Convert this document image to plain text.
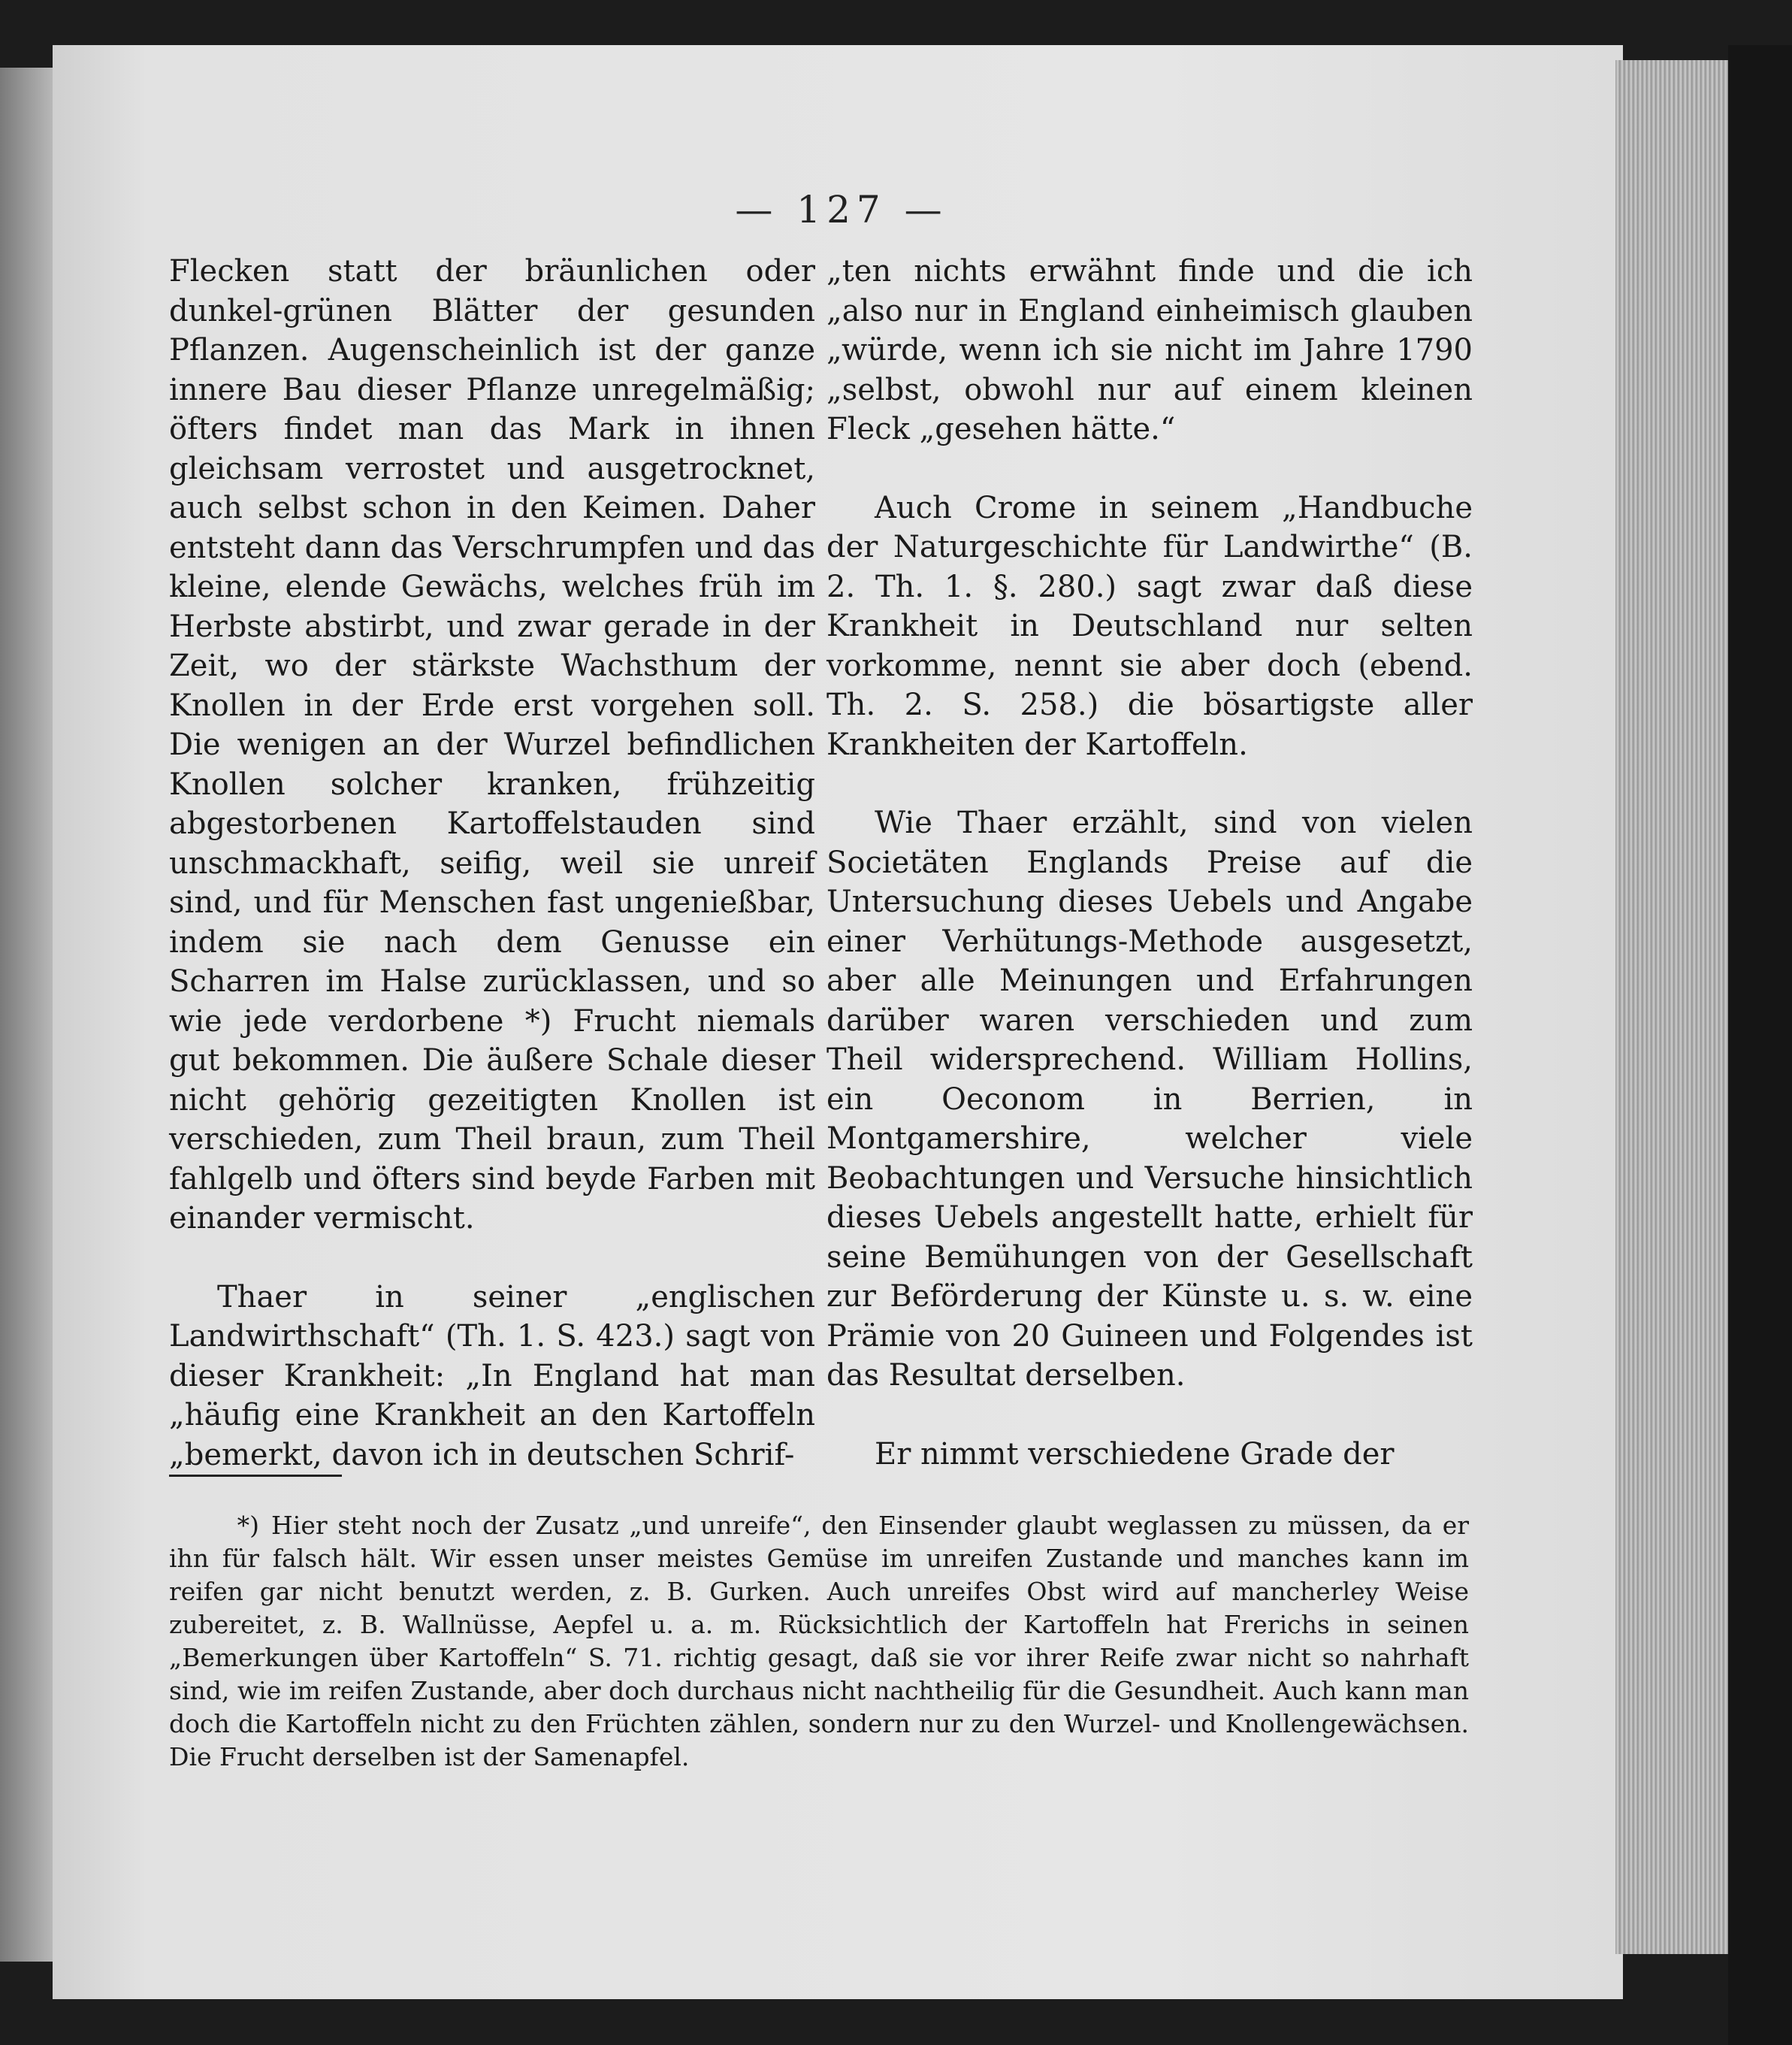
— 127 —

Flecken statt der bräunlichen oder dunkel-grünen Blätter der gesunden Pflanzen. Augenscheinlich ist der ganze innere Bau dieser Pflanze unregelmäßig; öfters findet man das Mark in ihnen gleichsam verrostet und ausgetrocknet, auch selbst schon in den Keimen. Daher entsteht dann das Verschrumpfen und das kleine, elende Gewächs, welches früh im Herbste abstirbt, und zwar gerade in der Zeit, wo der stärkste Wachsthum der Knollen in der Erde erst vorgehen soll. Die wenigen an der Wurzel befindlichen Knollen solcher kranken, frühzeitig abgestorbenen Kartoffelstauden sind unschmackhaft, seifig, weil sie unreif sind, und für Menschen fast ungenießbar, indem sie nach dem Genusse ein Scharren im Halse zurücklassen, und so wie jede verdorbene *) Frucht niemals gut bekommen. Die äußere Schale dieser nicht gehörig gezeitigten Knollen ist verschieden, zum Theil braun, zum Theil fahlgelb und öfters sind beyde Farben mit einander vermischt.

Thaer in seiner „englischen Landwirthschaft“ (Th. 1. S. 423.) sagt von dieser Krankheit: „In England hat man „häufig eine Krankheit an den Kartoffeln „bemerkt, davon ich in deutschen Schrif-

„ten nichts erwähnt finde und die ich „also nur in England einheimisch glauben „würde, wenn ich sie nicht im Jahre 1790 „selbst, obwohl nur auf einem kleinen Fleck „gesehen hätte.“

Auch Crome in seinem „Handbuche der Naturgeschichte für Landwirthe“ (B. 2. Th. 1. §. 280.) sagt zwar daß diese Krankheit in Deutschland nur selten vorkomme, nennt sie aber doch (ebend. Th. 2. S. 258.) die bösartigste aller Krankheiten der Kartoffeln.

Wie Thaer erzählt, sind von vielen Societäten Englands Preise auf die Untersuchung dieses Uebels und Angabe einer Verhütungs-Methode ausgesetzt, aber alle Meinungen und Erfahrungen darüber waren verschieden und zum Theil widersprechend. William Hollins, ein Oeconom in Berrien, in Montgamershire, welcher viele Beobachtungen und Versuche hinsichtlich dieses Uebels angestellt hatte, erhielt für seine Bemühungen von der Gesellschaft zur Beförderung der Künste u. s. w. eine Prämie von 20 Guineen und Folgendes ist das Resultat derselben.

Er nimmt verschiedene Grade der

*) Hier steht noch der Zusatz „und unreife“, den Einsender glaubt weglassen zu müssen, da er ihn für falsch hält. Wir essen unser meistes Gemüse im unreifen Zustande und manches kann im reifen gar nicht benutzt werden, z. B. Gurken. Auch unreifes Obst wird auf mancherley Weise zubereitet, z. B. Wallnüsse, Aepfel u. a. m. Rücksichtlich der Kartoffeln hat Frerichs in seinen „Bemerkungen über Kartoffeln“ S. 71. richtig gesagt, daß sie vor ihrer Reife zwar nicht so nahrhaft sind, wie im reifen Zustande, aber doch durchaus nicht nachtheilig für die Gesundheit. Auch kann man doch die Kartoffeln nicht zu den Früchten zählen, sondern nur zu den Wurzel- und Knollengewächsen. Die Frucht derselben ist der Samenapfel.
